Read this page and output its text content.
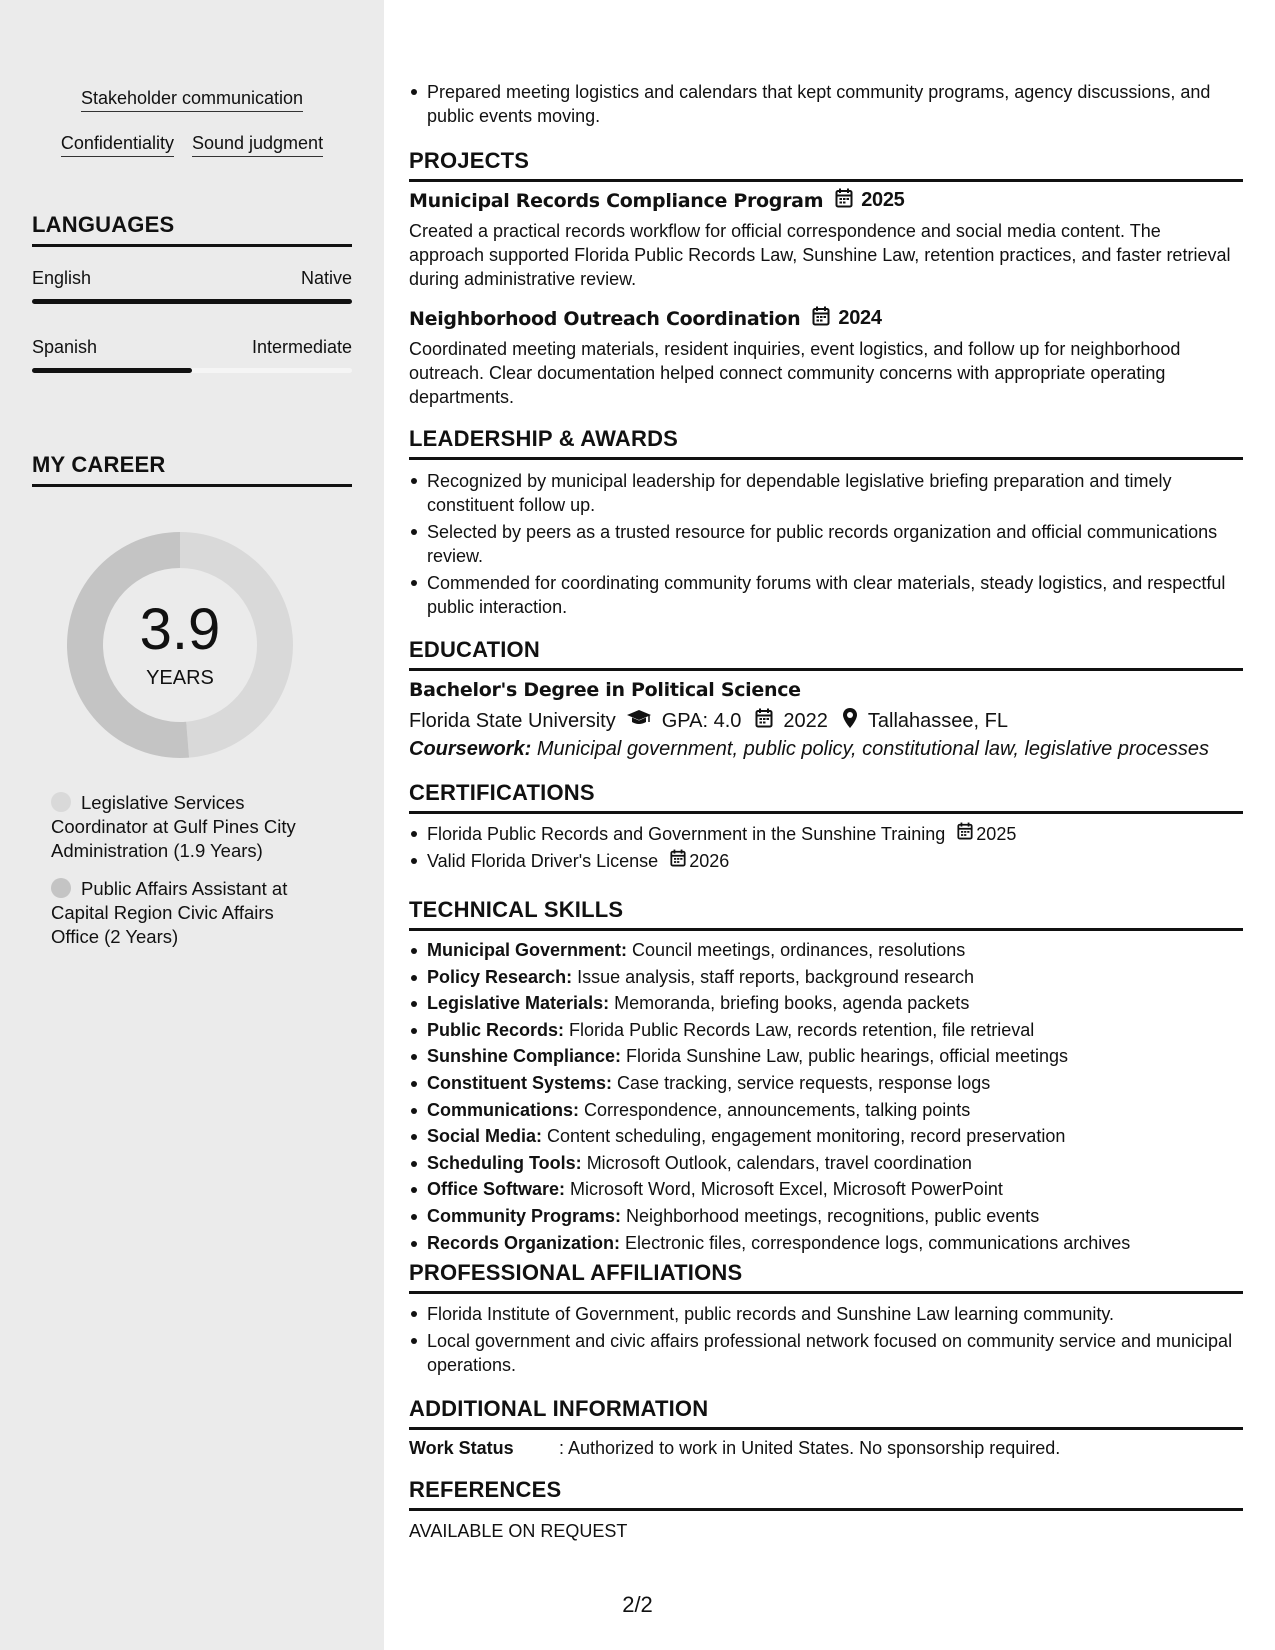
Stakeholder communication
Confidentiality Sound judgment
LANGUAGES
English	Native
Spanish	Intermediate
MY CAREER
3.9
YEARS
Legislative Services Coordinator at Gulf Pines City Administration (1.9 Years)
Public Affairs Assistant at Capital Region Civic Affairs Office (2 Years)
Prepared meeting logistics and calendars that kept community programs, agency discussions, and public events moving.
PROJECTS
Municipal Records Compliance Program 2025
Created a practical records workflow for official correspondence and social media content. The approach supported Florida Public Records Law, Sunshine Law, retention practices, and faster retrieval during administrative review.
Neighborhood Outreach Coordination 2024
Coordinated meeting materials, resident inquiries, event logistics, and follow up for neighborhood outreach. Clear documentation helped connect community concerns with appropriate operating departments.
LEADERSHIP & AWARDS
Recognized by municipal leadership for dependable legislative briefing preparation and timely constituent follow up.
Selected by peers as a trusted resource for public records organization and official communications review.
Commended for coordinating community forums with clear materials, steady logistics, and respectful public interaction.
EDUCATION
Bachelor's Degree in Political Science
Florida State University GPA: 4.0 2022 Tallahassee, FL
Coursework: Municipal government, public policy, constitutional law, legislative processes
CERTIFICATIONS
Florida Public Records and Government in the Sunshine Training 2025
Valid Florida Driver's License 2026
TECHNICAL SKILLS
Municipal Government: Council meetings, ordinances, resolutions
Policy Research: Issue analysis, staff reports, background research
Legislative Materials: Memoranda, briefing books, agenda packets
Public Records: Florida Public Records Law, records retention, file retrieval
Sunshine Compliance: Florida Sunshine Law, public hearings, official meetings
Constituent Systems: Case tracking, service requests, response logs
Communications: Correspondence, announcements, talking points
Social Media: Content scheduling, engagement monitoring, record preservation
Scheduling Tools: Microsoft Outlook, calendars, travel coordination
Office Software: Microsoft Word, Microsoft Excel, Microsoft PowerPoint
Community Programs: Neighborhood meetings, recognitions, public events
Records Organization: Electronic files, correspondence logs, communications archives
PROFESSIONAL AFFILIATIONS
Florida Institute of Government, public records and Sunshine Law learning community.
Local government and civic affairs professional network focused on community service and municipal operations.
ADDITIONAL INFORMATION
Work Status	: Authorized to work in United States. No sponsorship required.
REFERENCES
AVAILABLE ON REQUEST
2/2
